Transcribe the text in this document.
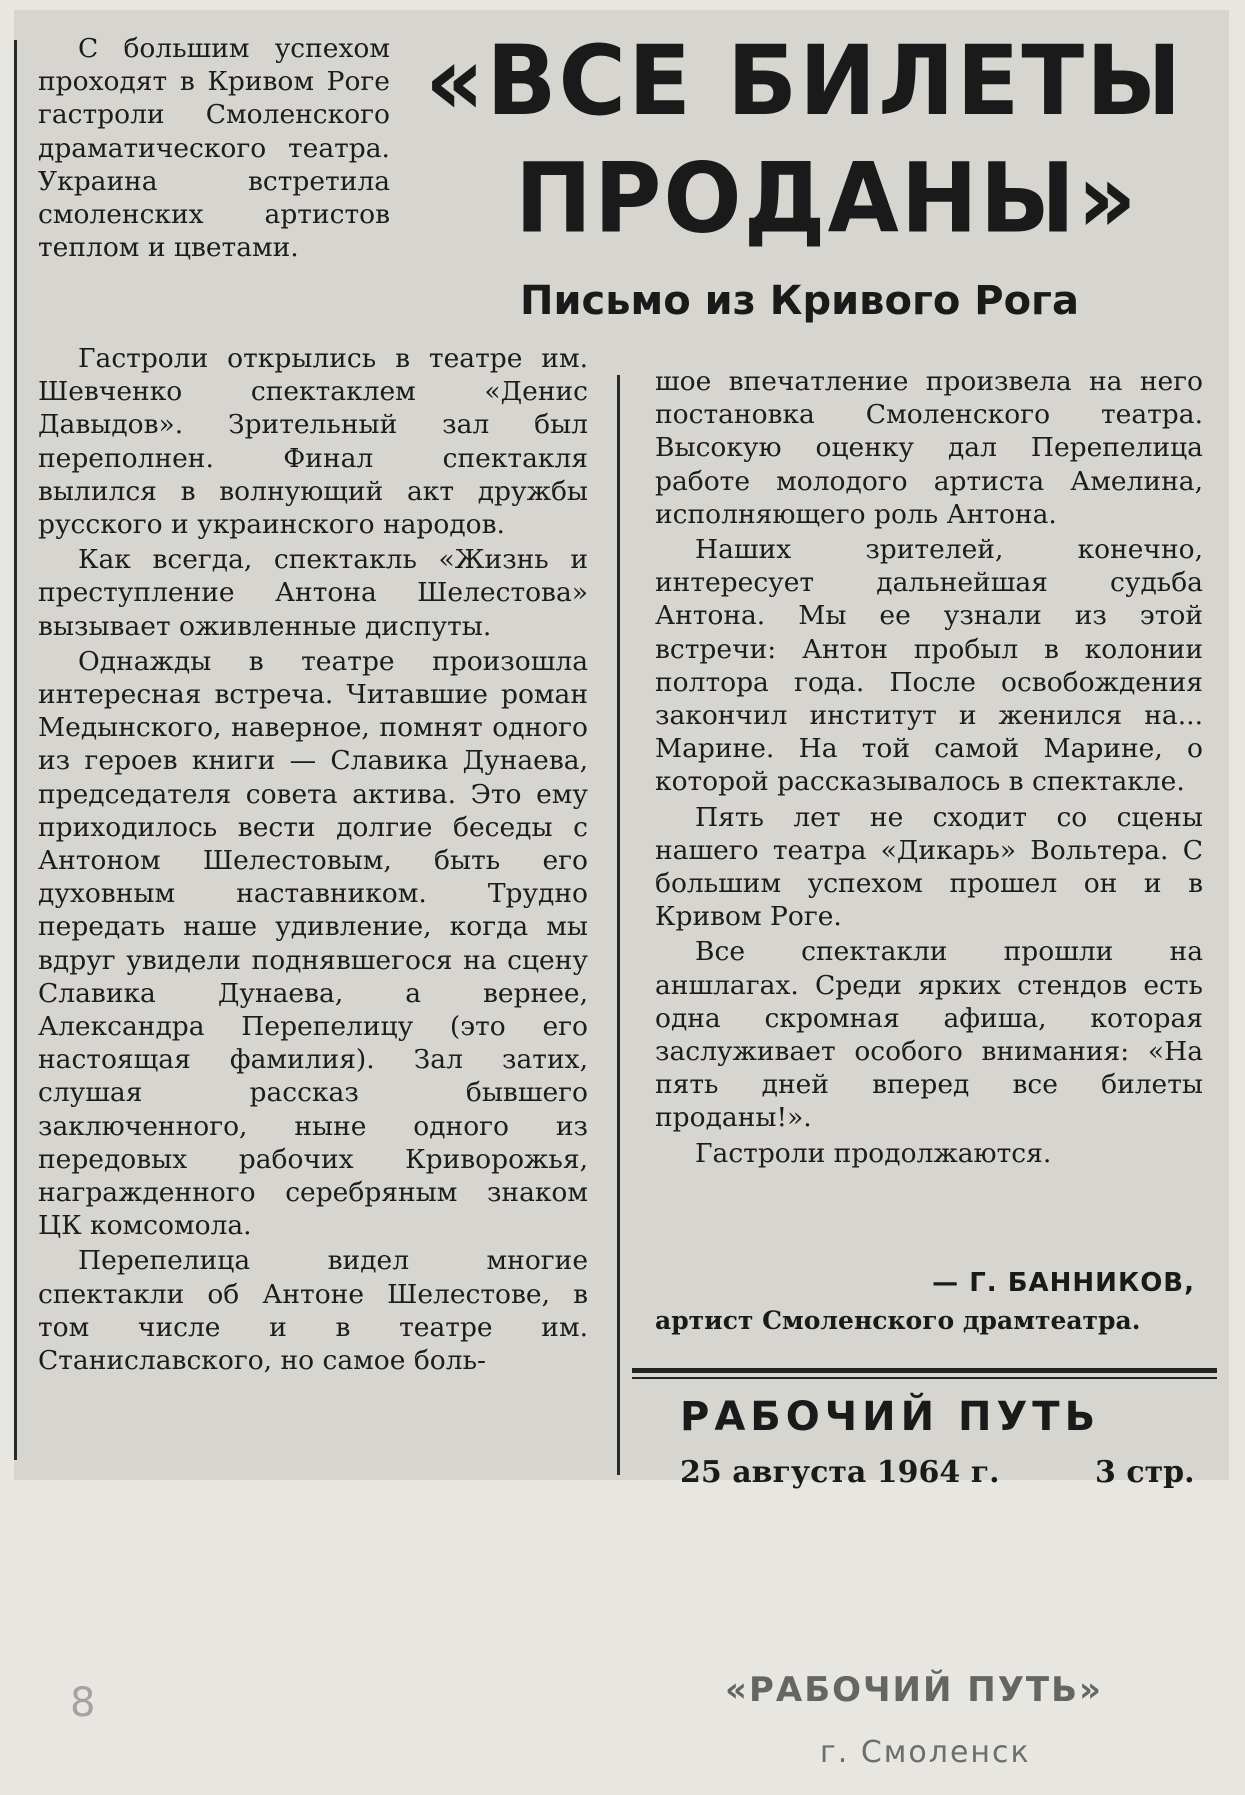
«ВСЕ БИЛЕТЫ
ПРОДАНЫ»
Письмо из Кривого Рога

С большим успехом проходят в Кривом Роге гастроли Смоленского драматического театра. Украина встретила смоленских артистов теплом и цветами.

Гастроли открылись в театре им. Шевченко спектаклем «Денис Давыдов». Зрительный зал был переполнен. Финал спектакля вылился в волнующий акт дружбы русского и украинского народов.

Как всегда, спектакль «Жизнь и преступление Антона Шелестова» вызывает оживленные диспуты.

Однажды в театре произошла интересная встреча. Читавшие роман Медынского, наверное, помнят одного из героев книги — Славика Дунаева, председателя совета актива. Это ему приходилось вести долгие беседы с Антоном Шелестовым, быть его духовным наставником. Трудно передать наше удивление, когда мы вдруг увидели поднявшегося на сцену Славика Дунаева, а вернее, Александра Перепелицу (это его настоящая фамилия). Зал затих, слушая рассказ бывшего заключенного, ныне одного из передовых рабочих Криворожья, награжденного серебряным знаком ЦК комсомола.

Перепелица видел многие спектакли об Антоне Шелестове, в том числе и в театре им. Станиславского, но самое боль-

шое впечатление произвела на него постановка Смоленского театра. Высокую оценку дал Перепелица работе молодого артиста Амелина, исполняющего роль Антона.

Наших зрителей, конечно, интересует дальнейшая судьба Антона. Мы ее узнали из этой встречи: Антон пробыл в колонии полтора года. После освобождения закончил институт и женился на... Марине. На той самой Марине, о которой рассказывалось в спектакле.

Пять лет не сходит со сцены нашего театра «Дикарь» Вольтера. С большим успехом прошел он и в Кривом Роге.

Все спектакли прошли на аншлагах. Среди ярких стендов есть одна скромная афиша, которая заслуживает особого внимания: «На пять дней вперед все билеты проданы!».

Гастроли продолжаются.

— Г. БАННИКОВ,
артист Смоленского драмтеатра.
РАБОЧИЙ ПУТЬ
25 августа 1964 г.	3 стр.
8	«РАБОЧИЙ ПУТЬ»
г. Смоленск
